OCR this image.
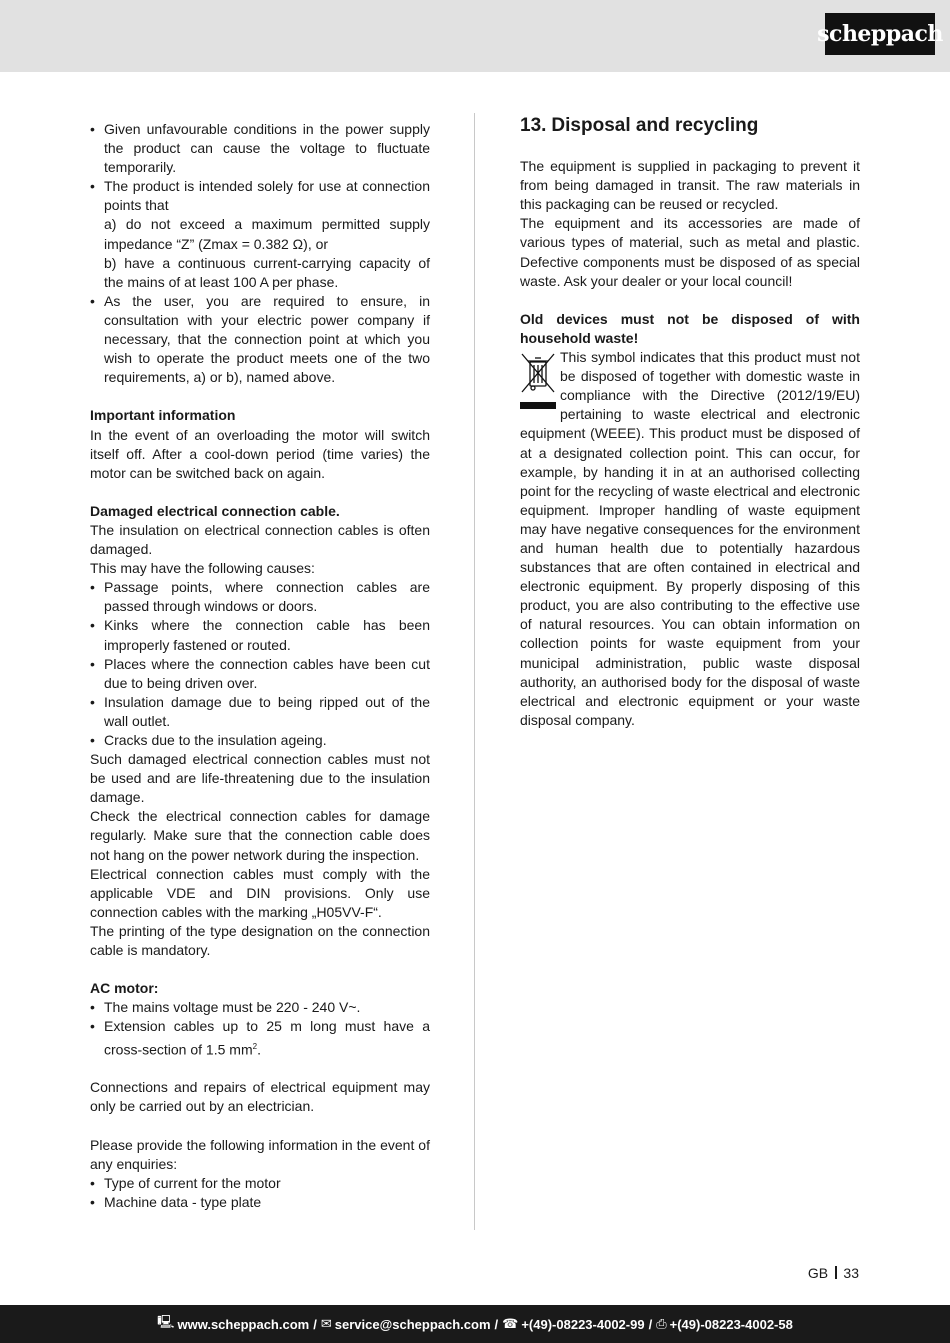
scheppach
• Given unfavourable conditions in the power supply the product can cause the voltage to fluctuate temporarily.
• The product is intended solely for use at connection points that

a) do not exceed a maximum permitted supply impedance “Z” (Zmax = 0.382 Ω), or

b) have a continuous current-carrying capacity of the mains of at least 100 A per phase.

• As the user, you are required to ensure, in consultation with your electric power company if necessary, that the connection point at which you wish to operate the product meets one of the two requirements, a) or b), named above.

Important information

In the event of an overloading the motor will switch itself off. After a cool-down period (time varies) the motor can be switched back on again.

Damaged electrical connection cable.

The insulation on electrical connection cables is often damaged.

This may have the following causes:

• Passage points, where connection cables are passed through windows or doors.
• Kinks where the connection cable has been improperly fastened or routed.
• Places where the connection cables have been cut due to being driven over.
• Insulation damage due to being ripped out of the wall outlet.
• Cracks due to the insulation ageing.

Such damaged electrical connection cables must not be used and are life-threatening due to the insulation damage.

Check the electrical connection cables for damage regularly. Make sure that the connection cable does not hang on the power network during the inspection.

Electrical connection cables must comply with the applicable VDE and DIN provisions. Only use connection cables with the marking „H05VV-F“.

The printing of the type designation on the connection cable is mandatory.

AC motor:

• The mains voltage must be 220 - 240 V~.
• Extension cables up to 25 m long must have a cross-section of 1.5 $mm^2$.

Connections and repairs of electrical equipment may only be carried out by an electrician.

Please provide the following information in the event of any enquiries:

• Type of current for the motor
• Machine data - type plate
13. Disposal and recycling

The equipment is supplied in packaging to prevent it from being damaged in transit. The raw materials in this packaging can be reused or recycled.

The equipment and its accessories are made of various types of material, such as metal and plastic. Defective components must be disposed of as special waste. Ask your dealer or your local council!

Old devices must not be disposed of with household waste!

This symbol indicates that this product must not be disposed of together with domestic waste in compliance with the Directive (2012/19/EU) pertaining to waste electrical and electronic equipment (WEEE). This product must be disposed of at a designated collection point. This can occur, for example, by handing it in at an authorised collecting point for the recycling of waste electrical and electronic equipment. Improper handling of waste equipment may have negative consequences for the environment and human health due to potentially hazardous substances that are often contained in electrical and electronic equipment. By properly disposing of this product, you are also contributing to the effective use of natural resources. You can obtain information on collection points for waste equipment from your municipal administration, public waste disposal authority, an authorised body for the disposal of waste electrical and electronic equipment or your waste disposal company.

GB 33
🖳 www.scheppach.com / ✉ service@scheppach.com / ☎ +(49)-08223-4002-99 / ⎙ +(49)-08223-4002-58
